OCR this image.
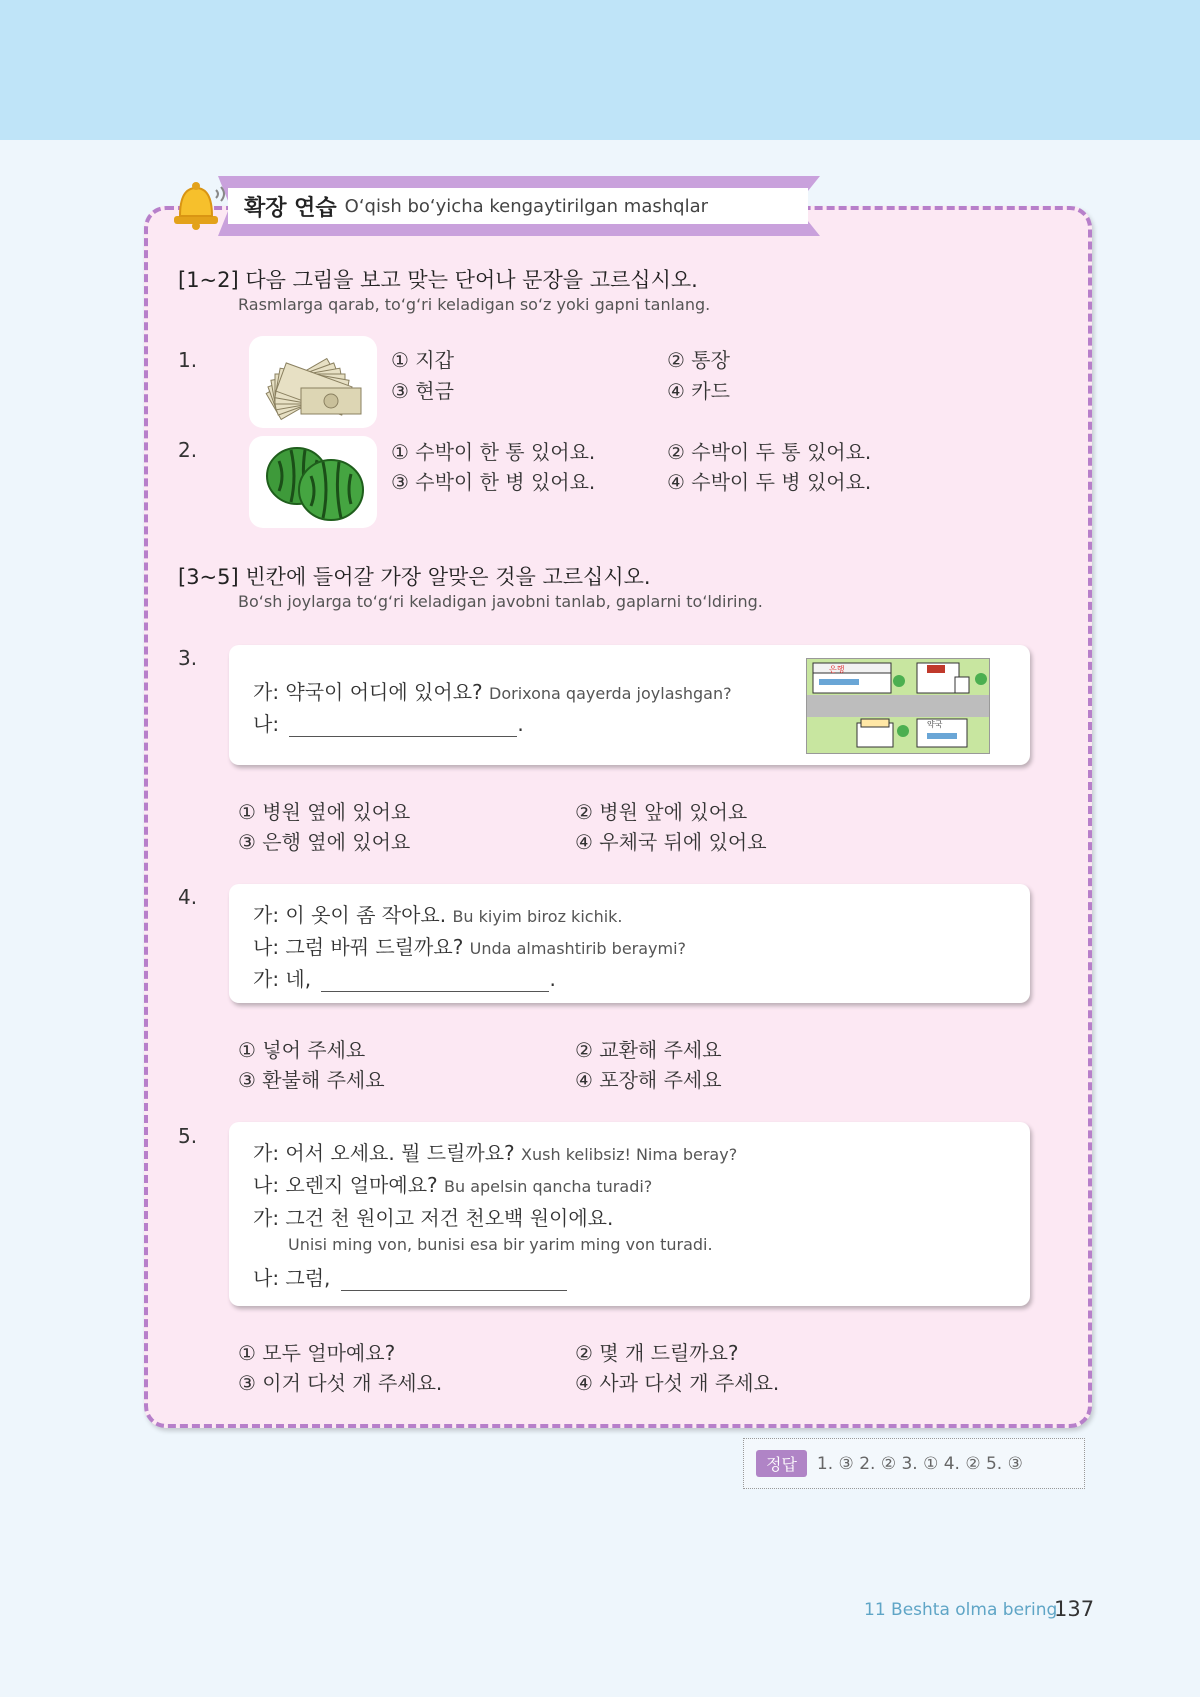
확장 연습 O‘qish bo‘yicha kengaytirilgan mashqlar
[1~2] 다음 그림을 보고 맞는 단어나 문장을 고르십시오.
Rasmlarga qarab, to‘g‘ri keladigan so‘z yoki gapni tanlang.
1.	① 지갑	② 통장
③ 현금	④ 카드
2.	① 수박이 한 통 있어요.	② 수박이 두 통 있어요.
③ 수박이 한 병 있어요.	④ 수박이 두 병 있어요.
[3~5] 빈칸에 들어갈 가장 알맞은 것을 고르십시오.
Bo‘sh joylarga to‘g‘ri keladigan javobni tanlab, gaplarni to‘ldiring.
3.
가: 약국이 어디에 있어요? Dorixona qayerda joylashgan?
나:	.
은행
약국
① 병원 옆에 있어요	② 병원 앞에 있어요
③ 은행 옆에 있어요	④ 우체국 뒤에 있어요
4.
가: 이 옷이 좀 작아요. Bu kiyim biroz kichik.
나: 그럼 바꿔 드릴까요? Unda almashtirib beraymi?
가: 네,	.
① 넣어 주세요	② 교환해 주세요
③ 환불해 주세요	④ 포장해 주세요
5.
가: 어서 오세요. 뭘 드릴까요? Xush kelibsiz! Nima beray?
나: 오렌지 얼마예요? Bu apelsin qancha turadi?
가: 그건 천 원이고 저건 천오백 원이에요.
Unisi ming von, bunisi esa bir yarim ming von turadi.
나: 그럼,
① 모두 얼마예요?	② 몇 개 드릴까요?
③ 이거 다섯 개 주세요.	④ 사과 다섯 개 주세요.
정답	1. ③ 2. ② 3. ① 4. ② 5. ③
11 Beshta olma bering
137
